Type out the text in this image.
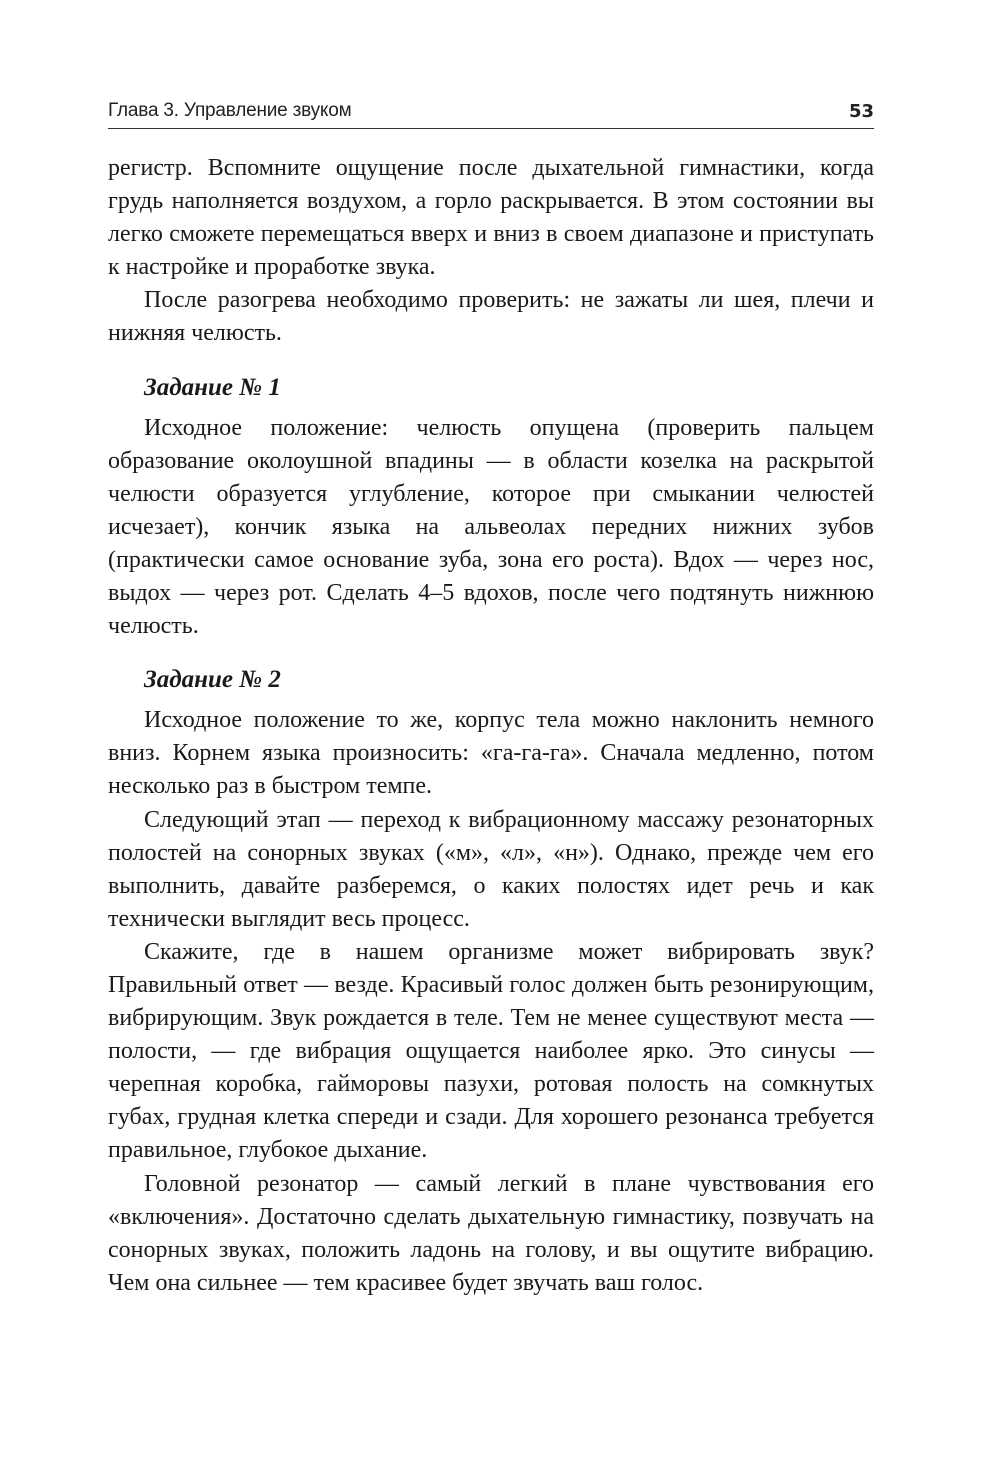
Глава 3. Управление звуком	53

регистр. Вспомните ощущение после дыхательной гимнастики, когда грудь наполняется воздухом, а горло раскрывается. В этом состоянии вы легко сможете перемещаться вверх и вниз в своем диапазоне и приступать к настройке и проработке звука.

После разогрева необходимо проверить: не зажаты ли шея, плечи и нижняя челюсть.

Задание № 1

Исходное положение: челюсть опущена (проверить пальцем образование околоушной впадины — в области козелка на раскрытой челюсти образуется углубление, которое при смыкании челюстей исчезает), кончик языка на альвеолах передних нижних зубов (практически самое основание зуба, зона его роста). Вдох — через нос, выдох — через рот. Сделать 4–5 вдохов, после чего подтянуть нижнюю челюсть.

Задание № 2

Исходное положение то же, корпус тела можно наклонить немного вниз. Корнем языка произносить: «га-га-га». Сначала медленно, потом несколько раз в быстром темпе.

Следующий этап — переход к вибрационному массажу резонаторных полостей на сонорных звуках («м», «л», «н»). Однако, прежде чем его выполнить, давайте разберемся, о каких полостях идет речь и как технически выглядит весь процесс.

Скажите, где в нашем организме может вибрировать звук? Правильный ответ — везде. Красивый голос должен быть резонирующим, вибрирующим. Звук рождается в теле. Тем не менее существуют места — полости, — где вибрация ощущается наиболее ярко. Это синусы — черепная коробка, гайморовы пазухи, ротовая полость на сомкнутых губах, грудная клетка спереди и сзади. Для хорошего резонанса требуется правильное, глубокое дыхание.

Головной резонатор — самый легкий в плане чувствования его «включения». Достаточно сделать дыхательную гимнастику, позвучать на сонорных звуках, положить ладонь на голову, и вы ощутите вибрацию. Чем она сильнее — тем красивее будет звучать ваш голос.
